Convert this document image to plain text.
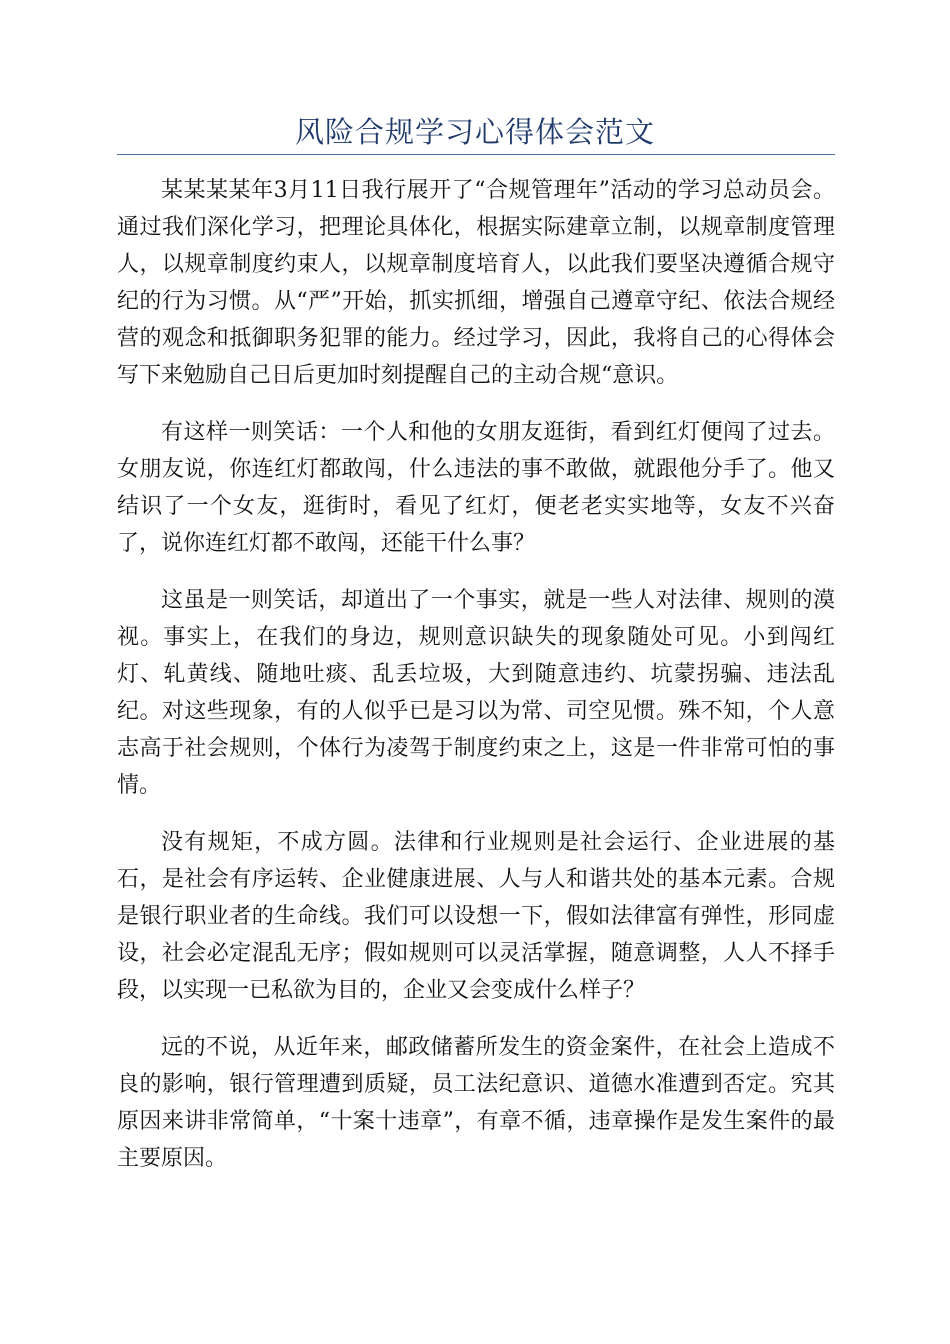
风险合规学习心得体会范文

某某某某年3月11日我行展开了“合规管理年”活动的学习总动员会。通过我们深化学习，把理论具体化，根据实际建章立制，以规章制度管理人，以规章制度约束人，以规章制度培育人，以此我们要坚决遵循合规守纪的行为习惯。从“严”开始，抓实抓细，增强自己遵章守纪、依法合规经营的观念和抵御职务犯罪的能力。经过学习，因此，我将自己的心得体会写下来勉励自己日后更加时刻提醒自己的主动合规“意识。

有这样一则笑话：一个人和他的女朋友逛街，看到红灯便闯了过去。女朋友说，你连红灯都敢闯，什么违法的事不敢做，就跟他分手了。他又结识了一个女友，逛街时，看见了红灯，便老老实实地等，女友不兴奋了，说你连红灯都不敢闯，还能干什么事？

这虽是一则笑话，却道出了一个事实，就是一些人对法律、规则的漠视。事实上，在我们的身边，规则意识缺失的现象随处可见。小到闯红灯、轧黄线、随地吐痰、乱丢垃圾，大到随意违约、坑蒙拐骗、违法乱纪。对这些现象，有的人似乎已是习以为常、司空见惯。殊不知，个人意志高于社会规则，个体行为凌驾于制度约束之上，这是一件非常可怕的事情。

没有规矩，不成方圆。法律和行业规则是社会运行、企业进展的基石，是社会有序运转、企业健康进展、人与人和谐共处的基本元素。合规是银行职业者的生命线。我们可以设想一下，假如法律富有弹性，形同虚设，社会必定混乱无序；假如规则可以灵活掌握，随意调整，人人不择手段，以实现一已私欲为目的，企业又会变成什么样子？

远的不说，从近年来，邮政储蓄所发生的资金案件，在社会上造成不良的影响，银行管理遭到质疑，员工法纪意识、道德水准遭到否定。究其原因来讲非常简单，“十案十违章”，有章不循，违章操作是发生案件的最主要原因。
